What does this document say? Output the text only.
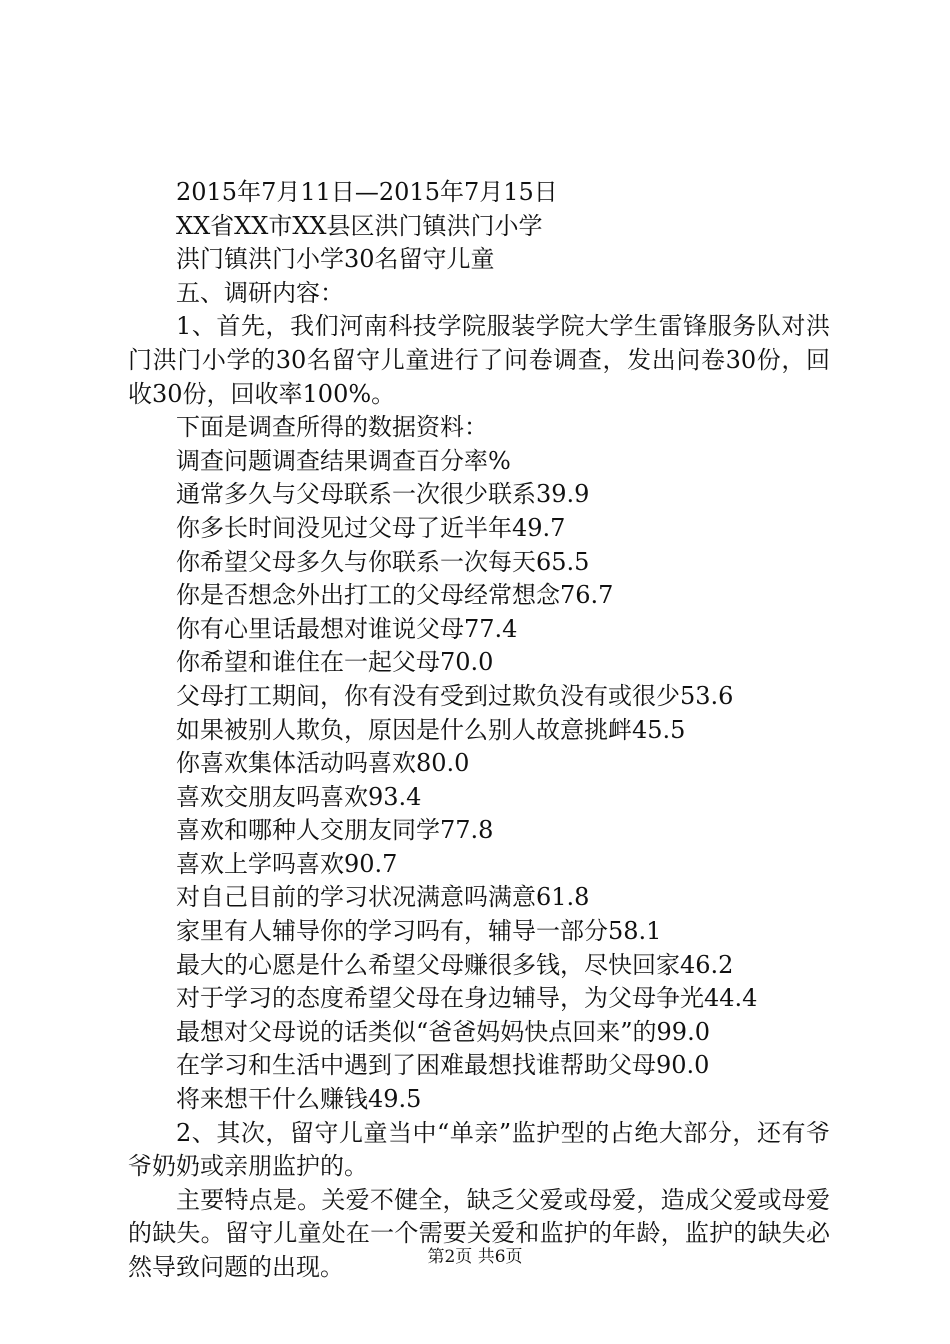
2015年7月11日—2015年7月15日

XX省XX市XX县区洪门镇洪门小学

洪门镇洪门小学30名留守儿童

五、调研内容：

1、首先，我们河南科技学院服装学院大学生雷锋服务队对洪门洪门小学的30名留守儿童进行了问卷调查，发出问卷30份，回收30份，回收率100%。

下面是调查所得的数据资料：

调查问题调查结果调查百分率%

通常多久与父母联系一次很少联系39.9

你多长时间没见过父母了近半年49.7

你希望父母多久与你联系一次每天65.5

你是否想念外出打工的父母经常想念76.7

你有心里话最想对谁说父母77.4

你希望和谁住在一起父母70.0

父母打工期间，你有没有受到过欺负没有或很少53.6

如果被别人欺负，原因是什么别人故意挑衅45.5

你喜欢集体活动吗喜欢80.0

喜欢交朋友吗喜欢93.4

喜欢和哪种人交朋友同学77.8

喜欢上学吗喜欢90.7

对自己目前的学习状况满意吗满意61.8

家里有人辅导你的学习吗有，辅导一部分58.1

最大的心愿是什么希望父母赚很多钱，尽快回家46.2

对于学习的态度希望父母在身边辅导，为父母争光44.4

最想对父母说的话类似“爸爸妈妈快点回来”的99.0

在学习和生活中遇到了困难最想找谁帮助父母90.0

将来想干什么赚钱49.5

2、其次，留守儿童当中“单亲”监护型的占绝大部分，还有爷爷奶奶或亲朋监护的。

主要特点是。关爱不健全，缺乏父爱或母爱，造成父爱或母爱的缺失。留守儿童处在一个需要关爱和监护的年龄，监护的缺失必然导致问题的出现。	第2页 共6页
